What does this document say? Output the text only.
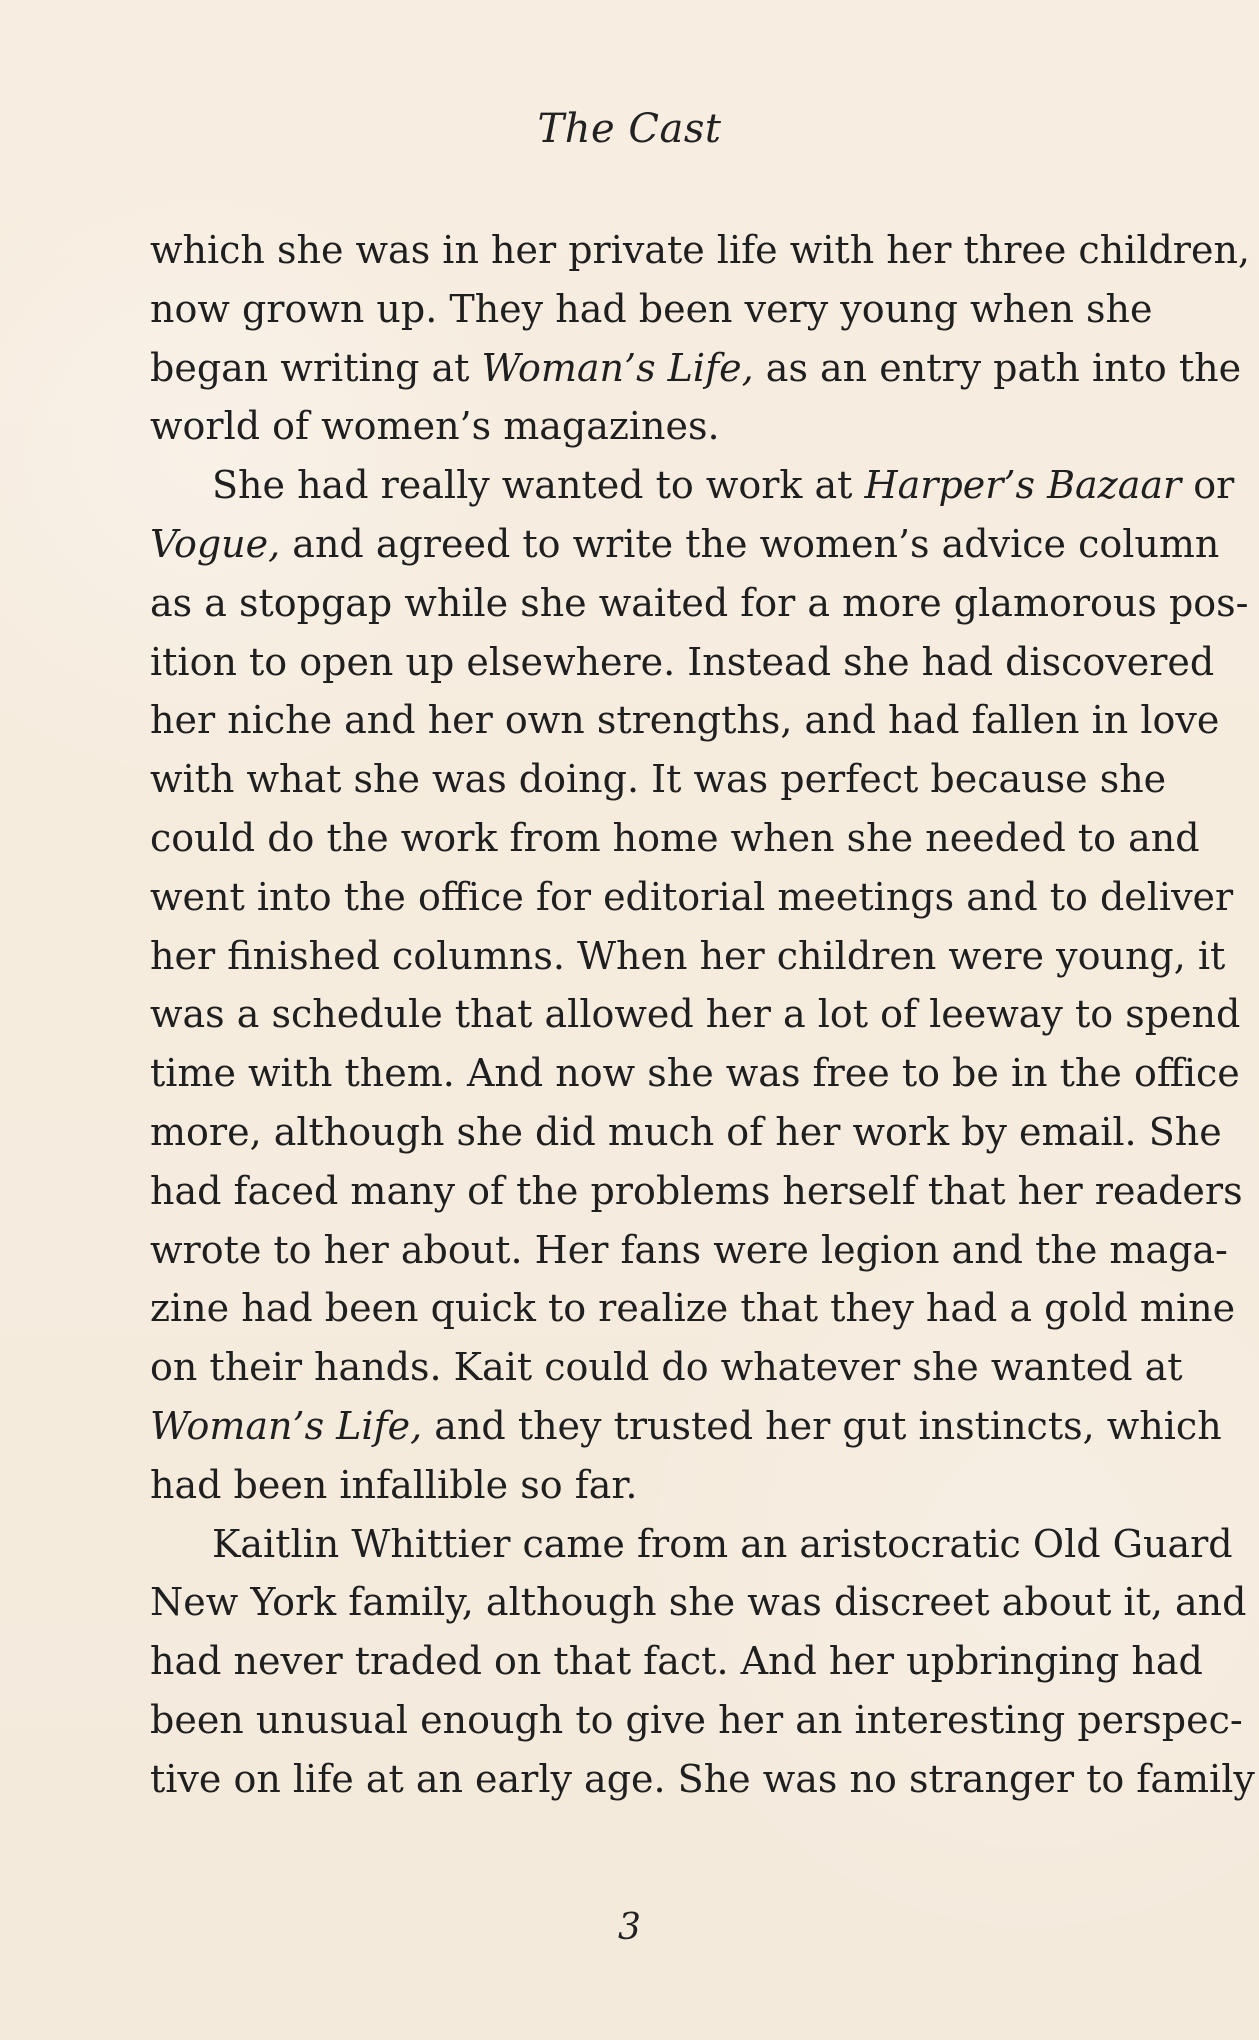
The Cast
which she was in her private life with her three children,
now grown up. They had been very young when she
began writing at Woman’s Life, as an entry path into the
world of women’s magazines.
She had really wanted to work at Harper’s Bazaar or
Vogue, and agreed to write the women’s advice column
as a stopgap while she waited for a more glamorous pos-
ition to open up elsewhere. Instead she had discovered
her niche and her own strengths, and had fallen in love
with what she was doing. It was perfect because she
could do the work from home when she needed to and
went into the office for editorial meetings and to deliver
her finished columns. When her children were young, it
was a schedule that allowed her a lot of leeway to spend
time with them. And now she was free to be in the office
more, although she did much of her work by email. She
had faced many of the problems herself that her readers
wrote to her about. Her fans were legion and the maga-
zine had been quick to realize that they had a gold mine
on their hands. Kait could do whatever she wanted at
Woman’s Life, and they trusted her gut instincts, which
had been infallible so far.
Kaitlin Whittier came from an aristocratic Old Guard
New York family, although she was discreet about it, and
had never traded on that fact. And her upbringing had
been unusual enough to give her an interesting perspec-
tive on life at an early age. She was no stranger to family
3
